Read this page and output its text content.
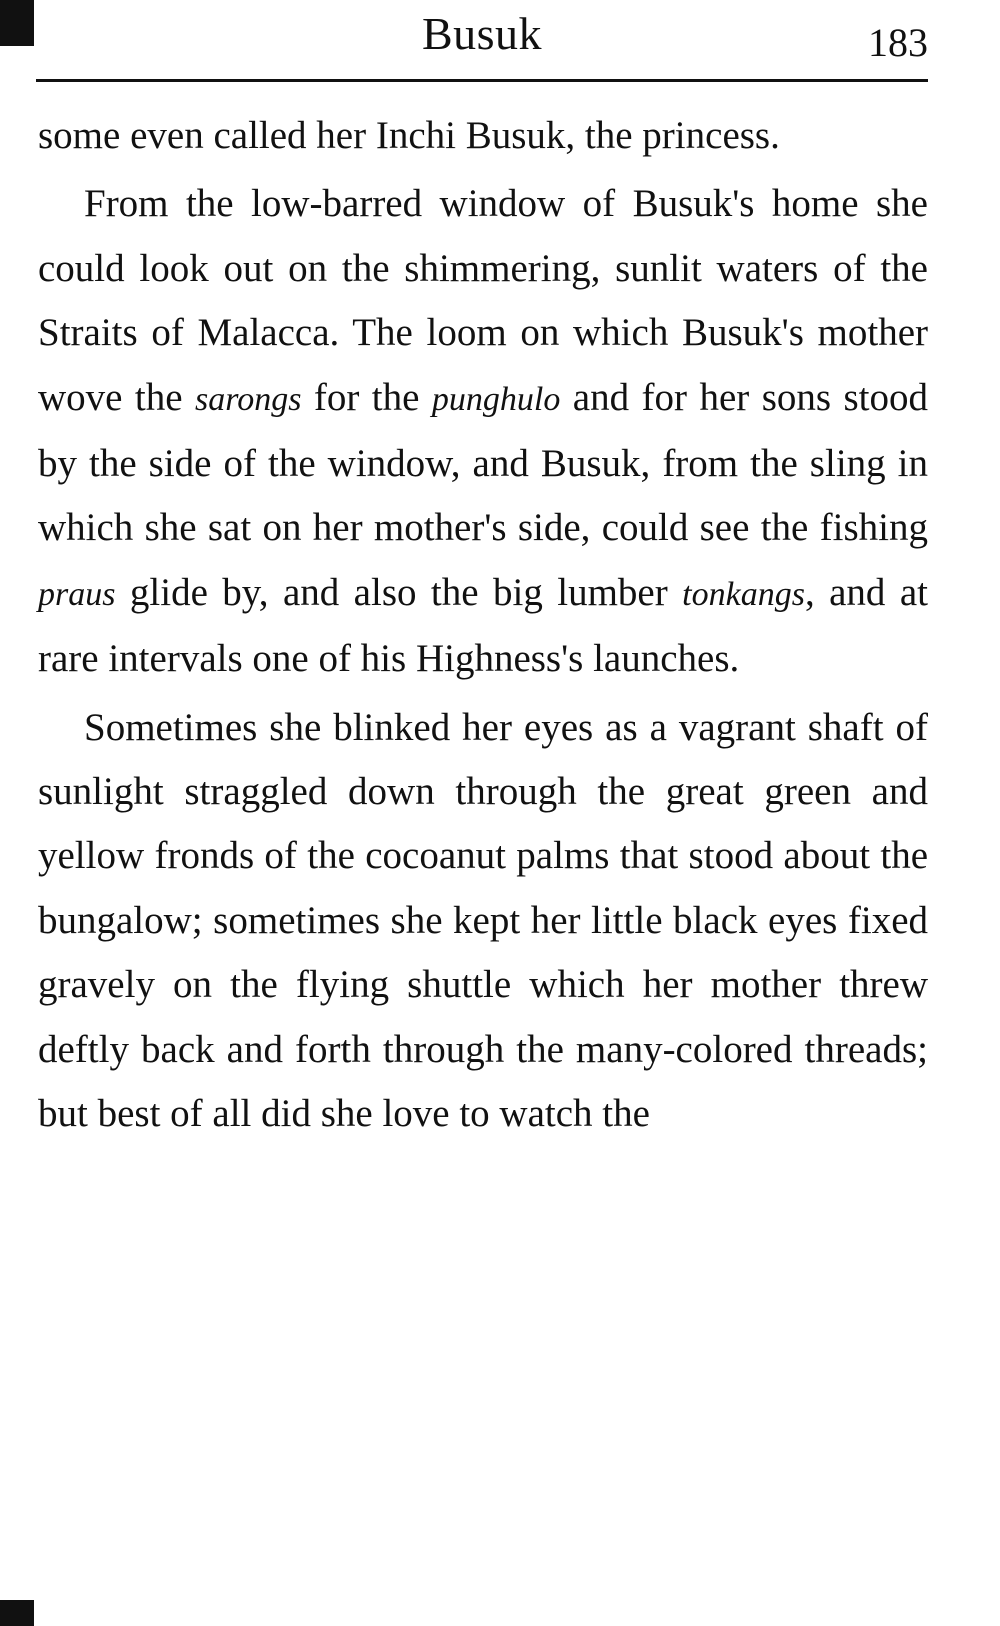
Busuk	183

some even called her Inchi Busuk, the princess.

From the low-barred window of Busuk's home she could look out on the shimmering, sunlit waters of the Straits of Malacca. The loom on which Busuk's mother wove the sarongs for the punghulo and for her sons stood by the side of the window, and Busuk, from the sling in which she sat on her mother's side, could see the fishing praus glide by, and also the big lumber tonkangs, and at rare intervals one of his Highness's launches.

Sometimes she blinked her eyes as a vagrant shaft of sunlight straggled down through the great green and yellow fronds of the cocoanut palms that stood about the bungalow; sometimes she kept her little black eyes fixed gravely on the flying shuttle which her mother threw deftly back and forth through the many-colored threads; but best of all did she love to watch the
